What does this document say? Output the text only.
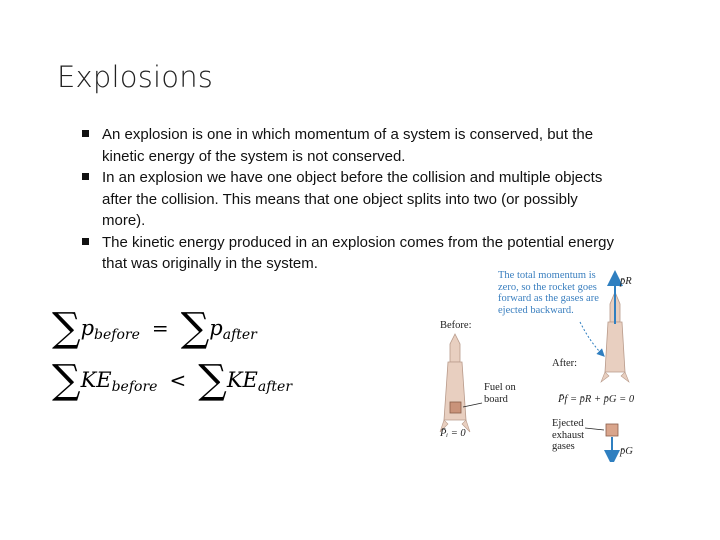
Explosions
An explosion is one in which momentum of a system is conserved, but the kinetic energy of the system is not conserved.
In an explosion we have one object before the collision and multiple objects after the collision. This means that one object splits into two (or possibly more).
The kinetic energy produced in an explosion comes from the potential energy that was originally in the system.
$\sum p_{before} = \sum p_{after}$
$\sum KE_{before} < \sum KE_{after}$
The total momentum is zero, so the rocket goes forward as the gases are ejected backward.
Before:
After:
Fuel on board
P̄ᵢ = 0
p̄R
P̄f = p̄R + p̄G = 0
Ejected exhaust gases	p̄G
